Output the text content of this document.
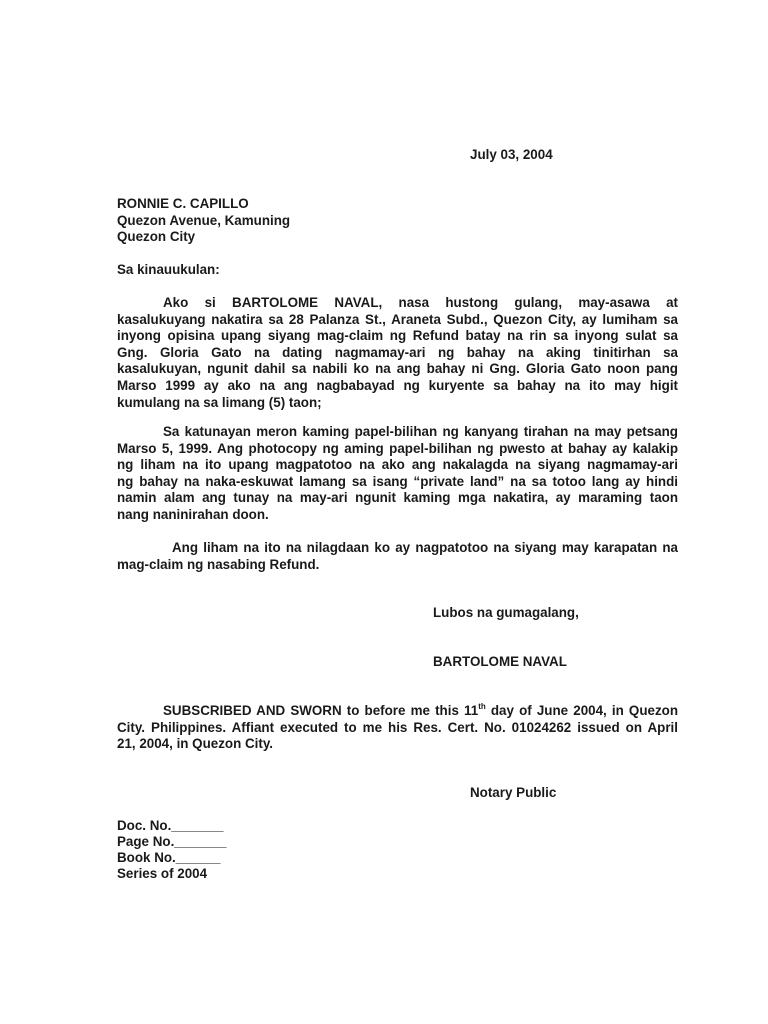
July 03, 2004
RONNIE C. CAPILLO
Quezon Avenue, Kamuning
Quezon City
Sa kinauukulan:
Ako si BARTOLOME NAVAL, nasa hustong gulang, may-asawa at
kasalukuyang nakatira sa 28 Palanza St., Araneta Subd., Quezon City, ay lumiham sa
inyong opisina upang siyang mag-claim ng Refund batay na rin sa inyong sulat sa
Gng. Gloria Gato na dating nagmamay-ari ng bahay na aking tinitirhan sa
kasalukuyan, ngunit dahil sa nabili ko na ang bahay ni Gng. Gloria Gato noon pang
Marso 1999 ay ako na ang nagbabayad ng kuryente sa bahay na ito may higit
kumulang na sa limang (5) taon;
Sa katunayan meron kaming papel-bilihan ng kanyang tirahan na may petsang
Marso 5, 1999. Ang photocopy ng aming papel-bilihan ng pwesto at bahay ay kalakip
ng liham na ito upang magpatotoo na ako ang nakalagda na siyang nagmamay-ari
ng bahay na naka-eskuwat lamang sa isang “private land” na sa totoo lang ay hindi
namin alam ang tunay na may-ari ngunit kaming mga nakatira, ay maraming taon
nang naninirahan doon.
Ang liham na ito na nilagdaan ko ay nagpatotoo na siyang may karapatan na
mag-claim ng nasabing Refund.
Lubos na gumagalang,
BARTOLOME NAVAL
SUBSCRIBED AND SWORN to before me this 11th day of June 2004, in Quezon
City. Philippines. Affiant executed to me his Res. Cert. No. 01024262 issued on April
21, 2004, in Quezon City.
Notary Public
Doc. No._______
Page No._______
Book No.______
Series of 2004
